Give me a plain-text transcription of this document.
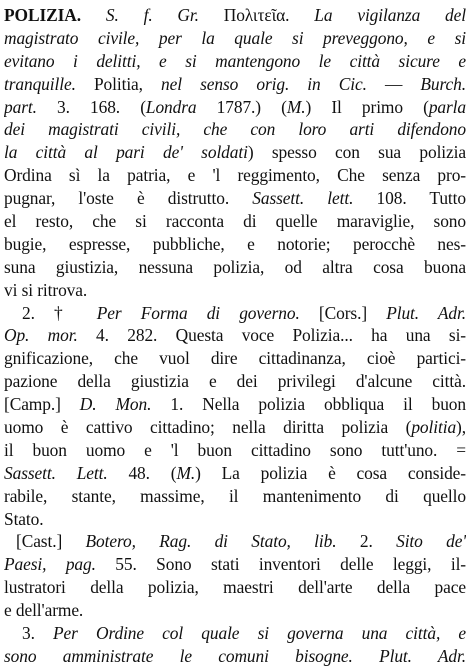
POLIZIA. S. f. Gr. Πολιτεῖα. La vigilanza del
magistrato civile, per la quale si preveggono, e si
evitano i delitti, e si mantengono le città sicure e
tranquille. Politia, nel senso orig. in Cic. — Burch.
part. 3. 168. (Londra 1787.) (M.) Il primo (parla
dei magistrati civili, che con loro arti difendono
la città al pari de' soldati) spesso con sua polizia
Ordina sì la patria, e 'l reggimento, Che senza pro-
pugnar, l'oste è distrutto. Sassett. lett. 108. Tutto
el resto, che si racconta di quelle maraviglie, sono
bugie, espresse, pubbliche, e notorie; perocchè nes-
suna giustizia, nessuna polizia, od altra cosa buona
vi si ritrova.
2. † Per Forma di governo. [Cors.] Plut. Adr.
Op. mor. 4. 282. Questa voce Polizia... ha una si-
gnificazione, che vuol dire cittadinanza, cioè partici-
pazione della giustizia e dei privilegi d'alcune città.
[Camp.] D. Mon. 1. Nella polizia obbliqua il buon
uomo è cattivo cittadino; nella diritta polizia (politia),
il buon uomo e 'l buon cittadino sono tutt'uno. =
Sassett. Lett. 48. (M.) La polizia è cosa conside-
rabile, stante, massime, il mantenimento di quello
Stato.
[Cast.] Botero, Rag. di Stato, lib. 2. Sito de'
Paesi, pag. 55. Sono stati inventori delle leggi, il-
lustratori della polizia, maestri dell'arte della pace
e dell'arme.
3. Per Ordine col quale si governa una città, e
sono amministrate le comuni bisogne. Plut. Adr.
